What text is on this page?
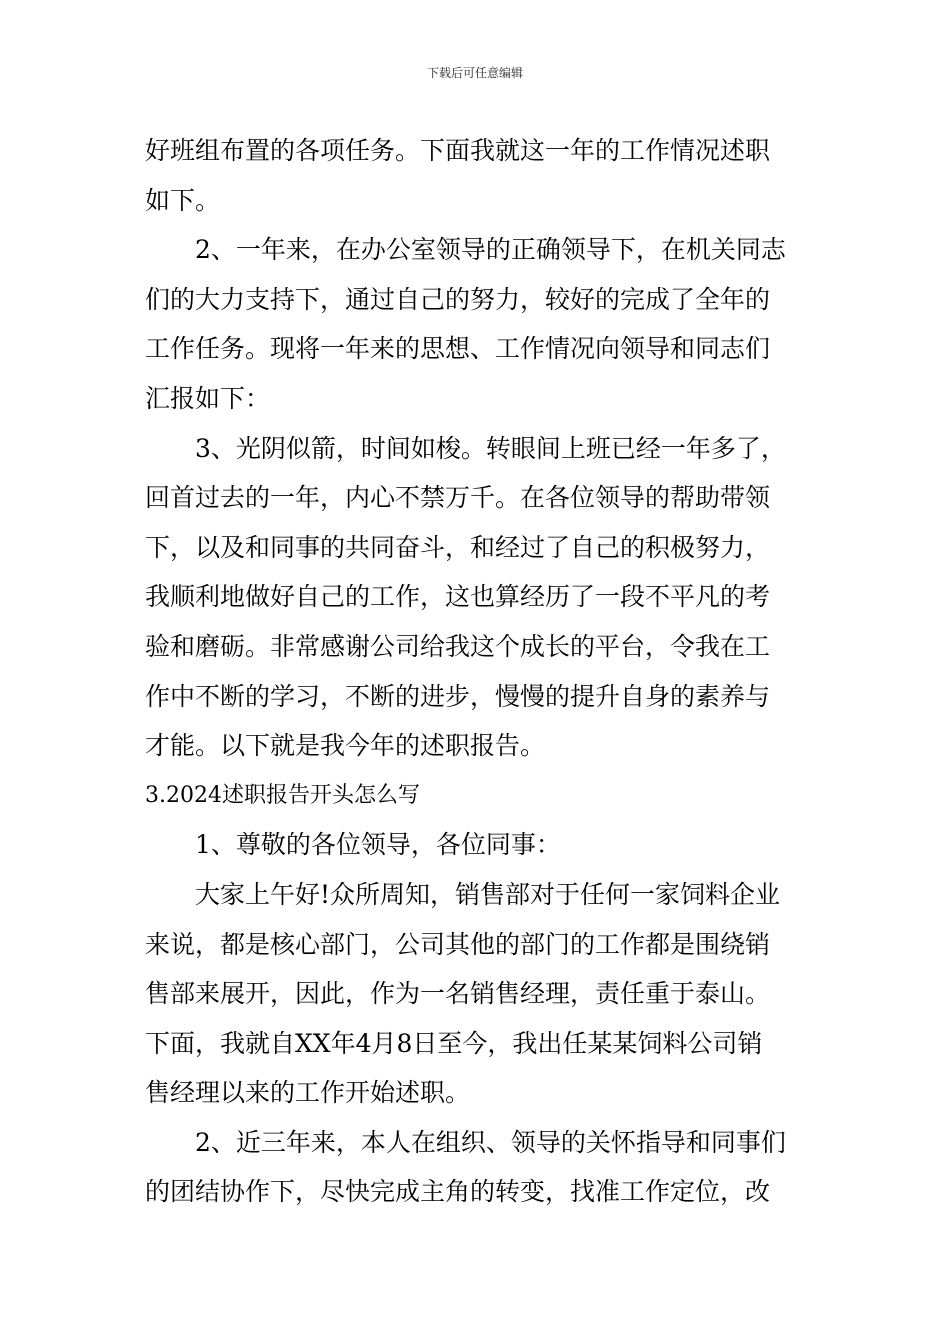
下载后可任意编辑
好班组布置的各项任务。下面我就这一年的工作情况述职
如下。
2、一年来，在办公室领导的正确领导下，在机关同志
们的大力支持下，通过自己的努力，较好的完成了全年的
工作任务。现将一年来的思想、工作情况向领导和同志们
汇报如下：
3、光阴似箭，时间如梭。转眼间上班已经一年多了，
回首过去的一年，内心不禁万千。在各位领导的帮助带领
下，以及和同事的共同奋斗，和经过了自己的积极努力，
我顺利地做好自己的工作，这也算经历了一段不平凡的考
验和磨砺。非常感谢公司给我这个成长的平台，令我在工
作中不断的学习，不断的进步，慢慢的提升自身的素养与
才能。以下就是我今年的述职报告。
3.2024述职报告开头怎么写
1、尊敬的各位领导，各位同事：
大家上午好!众所周知，销售部对于任何一家饲料企业
来说，都是核心部门，公司其他的部门的工作都是围绕销
售部来展开，因此，作为一名销售经理，责任重于泰山。
下面，我就自XX年4月8日至今，我出任某某饲料公司销
售经理以来的工作开始述职。
2、近三年来，本人在组织、领导的关怀指导和同事们
的团结协作下，尽快完成主角的转变，找准工作定位，改
